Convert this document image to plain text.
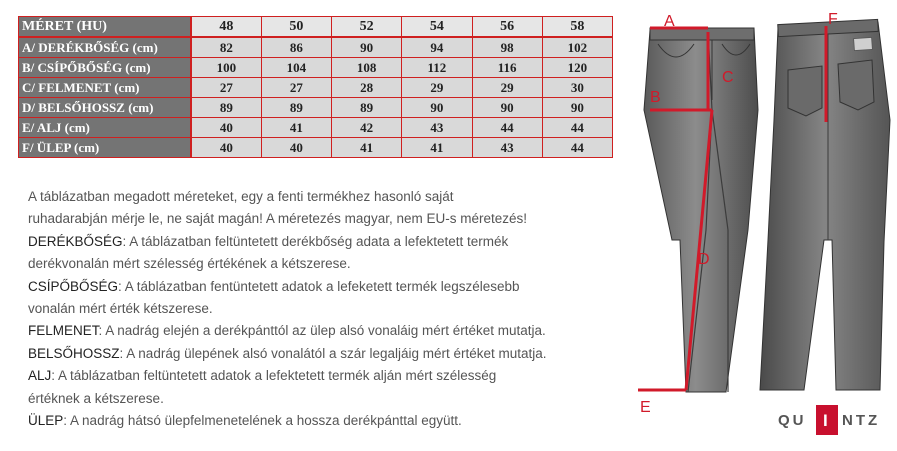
MÉRET (HU)	48	50	52	54	56	58
A/ DERÉKBŐSÉG (cm)	82	86	90	94	98	102
B/ CSÍPŐBŐSÉG (cm)	100	104	108	112	116	120
C/ FELMENET (cm)	27	27	28	29	29	30
D/ BELSŐHOSSZ (cm)	89	89	89	90	90	90
E/ ALJ (cm)	40	41	42	43	44	44
F/ ÜLEP (cm)	40	40	41	41	43	44

A táblázatban megadott méreteket, egy a fenti termékhez hasonló saját

ruhadarabján mérje le, ne saját magán! A méretezés magyar, nem EU-s méretezés!

DERÉKBŐSÉG: A táblázatban feltüntetett derékbőség adata a lefektetett termék

derékvonalán mért szélesség értékének a kétszerese.

CSÍPŐBŐSÉG: A táblázatban fentüntetett adatok a lefeketett termék legszélesebb

vonalán mért érték kétszerese.

FELMENET: A nadrág elején a derékpánttól az ülep alsó vonaláig mért értéket mutatja.

BELSŐHOSSZ: A nadrág ülepének alsó vonalától a szár legaljáig mért értéket mutatja.

ALJ: A táblázatban feltüntetett adatok a lefektetett termék alján mért szélesség

értéknek a kétszerese.

ÜLEP: A nadrág hátsó ülepfelmenetelének a hossza derékpánttal együtt.

A
B
C
D
E
F
QU I NTZ
